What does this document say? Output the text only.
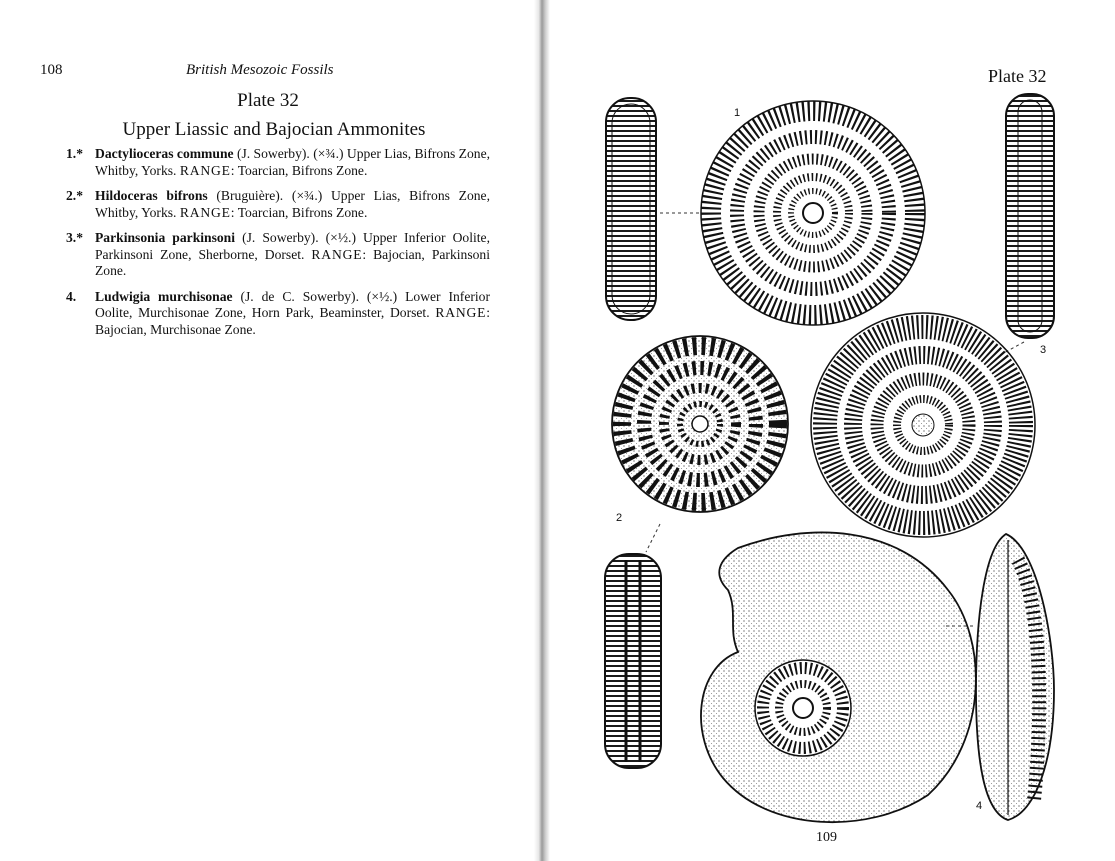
108	British Mesozoic Fossils
Plate 32
Upper Liassic and Bajocian Ammonites
1.* Dactylioceras commune (J. Sowerby). (×¾.) Upper Lias, Bifrons Zone, Whitby, Yorks. RANGE: Toarcian, Bifrons Zone.
2.* Hildoceras bifrons (Bruguière). (×¾.) Upper Lias, Bifrons Zone, Whitby, Yorks. RANGE: Toarcian, Bifrons Zone.
3.* Parkinsonia parkinsoni (J. Sowerby). (×½.) Upper Inferior Oolite, Parkinsoni Zone, Sherborne, Dorset. RANGE: Bajocian, Parkinsoni Zone.
4.	Ludwigia murchisonae (J. de C. Sowerby). (×½.) Lower Inferior Oolite, Murchisonae Zone, Horn Park, Beaminster, Dorset. RANGE: Bajocian, Murchisonae Zone.
Plate 32
1
2
3
4
109
